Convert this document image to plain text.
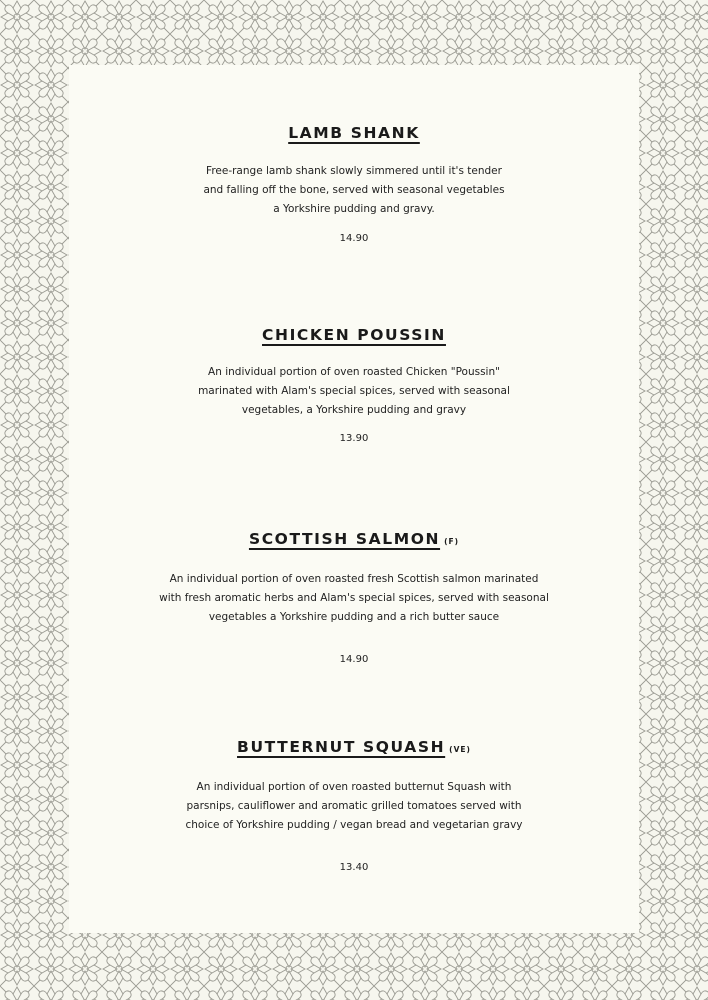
LAMB SHANK

Free-range lamb shank slowly simmered until it's tender
and falling off the bone, served with seasonal vegetables
a Yorkshire pudding and gravy.

14.90

CHICKEN POUSSIN

An individual portion of oven roasted Chicken "Poussin"
marinated with Alam's special spices, served with seasonal
vegetables, a Yorkshire pudding and gravy

13.90

SCOTTISH SALMON (F)

An individual portion of oven roasted fresh Scottish salmon marinated
with fresh aromatic herbs and Alam's special spices, served with seasonal
vegetables a Yorkshire pudding and a rich butter sauce

14.90

BUTTERNUT SQUASH (VE)

An individual portion of oven roasted butternut Squash with
parsnips, cauliflower and aromatic grilled tomatoes served with
choice of Yorkshire pudding / vegan bread and vegetarian gravy

13.40
